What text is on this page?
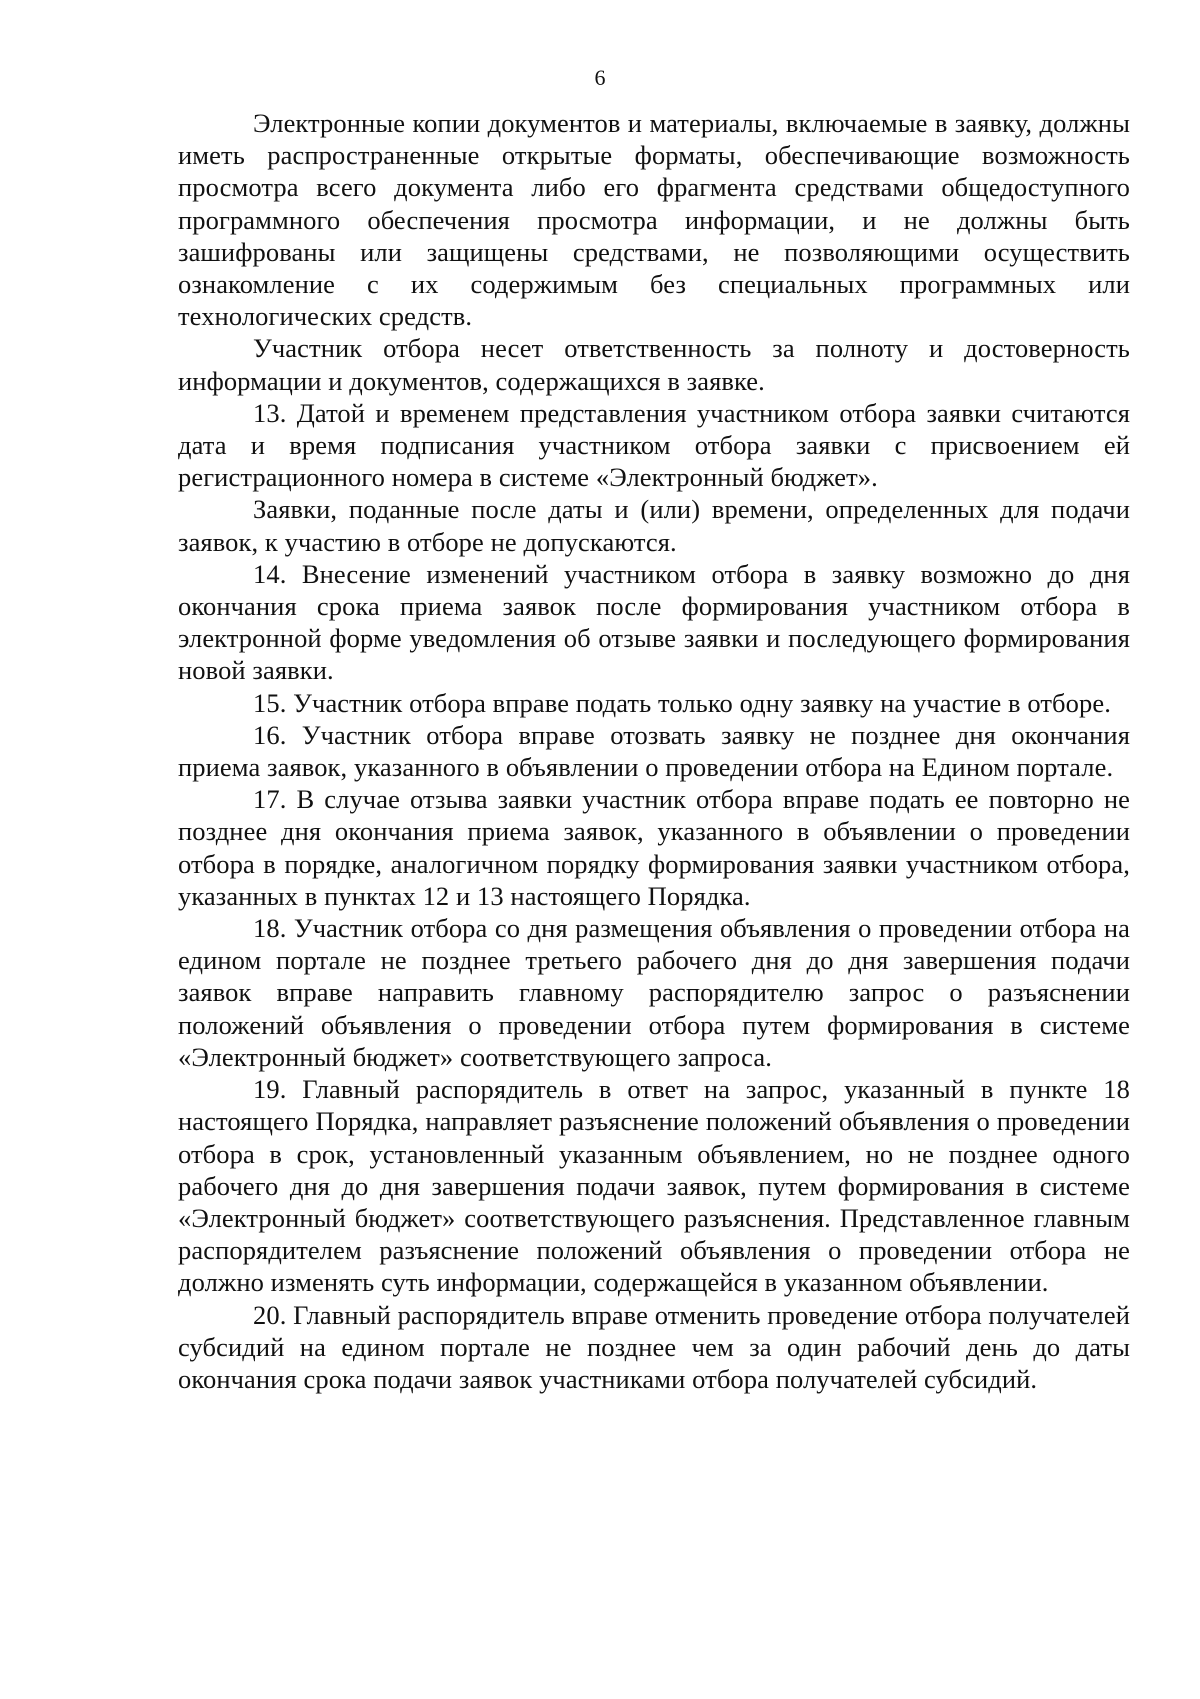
6

Электронные копии документов и материалы, включаемые в заявку, должны иметь распространенные открытые форматы, обеспечивающие возможность просмотра всего документа либо его фрагмента средствами общедоступного программного обеспечения просмотра информации, и не должны быть зашифрованы или защищены средствами, не позволяющими осуществить ознакомление с их содержимым без специальных программных или технологических средств.

Участник отбора несет ответственность за полноту и достоверность информации и документов, содержащихся в заявке.

13. Датой и временем представления участником отбора заявки считаются дата и время подписания участником отбора заявки с присвоением ей регистрационного номера в системе «Электронный бюджет».

Заявки, поданные после даты и (или) времени, определенных для подачи заявок, к участию в отборе не допускаются.

14. Внесение изменений участником отбора в заявку возможно до дня окончания срока приема заявок после формирования участником отбора в электронной форме уведомления об отзыве заявки и последующего формирования новой заявки.

15. Участник отбора вправе подать только одну заявку на участие в отборе.

16. Участник отбора вправе отозвать заявку не позднее дня окончания приема заявок, указанного в объявлении о проведении отбора на Едином портале.

17. В случае отзыва заявки участник отбора вправе подать ее повторно не позднее дня окончания приема заявок, указанного в объявлении о проведении отбора в порядке, аналогичном порядку формирования заявки участником отбора, указанных в пунктах 12 и 13 настоящего Порядка.

18. Участник отбора со дня размещения объявления о проведении отбора на едином портале не позднее третьего рабочего дня до дня завершения подачи заявок вправе направить главному распорядителю запрос о разъяснении положений объявления о проведении отбора путем формирования в системе «Электронный бюджет» соответствующего запроса.

19. Главный распорядитель в ответ на запрос, указанный в пункте 18 настоящего Порядка, направляет разъяснение положений объявления о проведении отбора в срок, установленный указанным объявлением, но не позднее одного рабочего дня до дня завершения подачи заявок, путем формирования в системе «Электронный бюджет» соответствующего разъяснения. Представленное главным распорядителем разъяснение положений объявления о проведении отбора не должно изменять суть информации, содержащейся в указанном объявлении.

20. Главный распорядитель вправе отменить проведение отбора получателей субсидий на едином портале не позднее чем за один рабочий день до даты окончания срока подачи заявок участниками отбора получателей субсидий.
